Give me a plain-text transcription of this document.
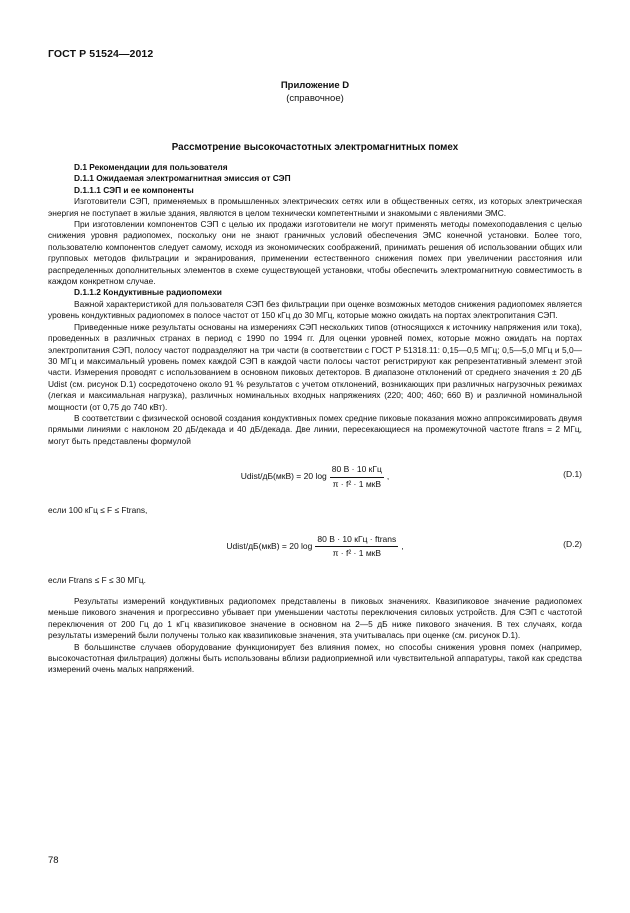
ГОСТ Р 51524—2012
Приложение D
(справочное)
Рассмотрение высокочастотных электромагнитных помех

D.1 Рекомендации для пользователя

D.1.1 Ожидаемая электромагнитная эмиссия от СЭП

D.1.1.1 СЭП и ее компоненты

Изготовители СЭП, применяемых в промышленных электрических сетях или в общественных сетях, из которых электрическая энергия не поступает в жилые здания, являются в целом технически компетентными и знакомыми с явлениями ЭМС.

При изготовлении компонентов СЭП с целью их продажи изготовители не могут применять методы помехоподавления с целью снижения уровня радиопомех, поскольку они не знают граничных условий обеспечения ЭМС конечной установки. Более того, пользователю компонентов следует самому, исходя из экономических соображений, принимать решения об использовании общих или групповых методов фильтрации и экранирования, применении естественного снижения помех при увеличении расстояния или распределенных дополнительных элементов в схеме существующей установки, чтобы обеспечить электромагнитную совместимость в каждом конкретном случае.

D.1.1.2 Кондуктивные радиопомехи

Важной характеристикой для пользователя СЭП без фильтрации при оценке возможных методов снижения радиопомех является уровень кондуктивных радиопомех в полосе частот от 150 кГц до 30 МГц, которые можно ожидать на портах электропитания СЭП.

Приведенные ниже результаты основаны на измерениях СЭП нескольких типов (относящихся к источнику напряжения или тока), проведенных в различных странах в период с 1990 по 1994 гг. Для оценки уровней помех, которые можно ожидать на портах электропитания СЭП, полосу частот подразделяют на три части (в соответствии с ГОСТ Р 51318.11: 0,15—0,5 МГц; 0,5—5,0 МГц и 5,0—30 МГц и максимальный уровень помех каждой СЭП в каждой части полосы частот регистрируют как репрезентативный элемент этой части. Измерения проводят с использованием в основном пиковых детекторов. В диапазоне отклонений от среднего значения ± 20 дБ Udist (см. рисунок D.1) сосредоточено около 91 % результатов с учетом отклонений, возникающих при различных нагрузочных режимах (легкая и максимальная нагрузка), различных номинальных входных напряжениях (220; 400; 460; 660 В) и различной номинальной мощности (от 0,75 до 740 кВт).

В соответствии с физической основой создания кондуктивных помех средние пиковые показания можно аппроксимировать двумя прямыми линиями с наклоном 20 дБ/декада и 40 дБ/декада. Две линии, пересекающиеся на промежуточной частоте ftrans = 2 МГц, могут быть представлены формулой

Udist/дБ(мкВ) = 20 $\log \frac{\text{80 В · 10 кГц}}{\text{π · f² · 1 мкВ}}$ ,	(D.1)

если 100 кГц ≤ F ≤ Ftrans,

Udist/дБ(мкВ) = 20 $\log \frac{\text{80 В · 10 кГц · ftrans}}{\text{π · f² · 1 мкВ}}$ ,	(D.2)

если Ftrans ≤ F ≤ 30 МГц.

Результаты измерений кондуктивных радиопомех представлены в пиковых значениях. Квазипиковое значение радиопомех меньше пикового значения и прогрессивно убывает при уменьшении частоты переключения силовых устройств. Для СЭП с частотой переключения от 200 Гц до 1 кГц квазипиковое значение в основном на 2—5 дБ ниже пикового значения. В тех случаях, когда результаты измерений были получены только как квазипиковые значения, эта учитывалась при оценке (см. рисунок D.1).

В большинстве случаев оборудование функционирует без влияния помех, но способы снижения уровня помех (например, высокочастотная фильтрация) должны быть использованы вблизи радиоприемной или чувствительной аппаратуры, такой как средства измерений очень малых напряжений.

78
